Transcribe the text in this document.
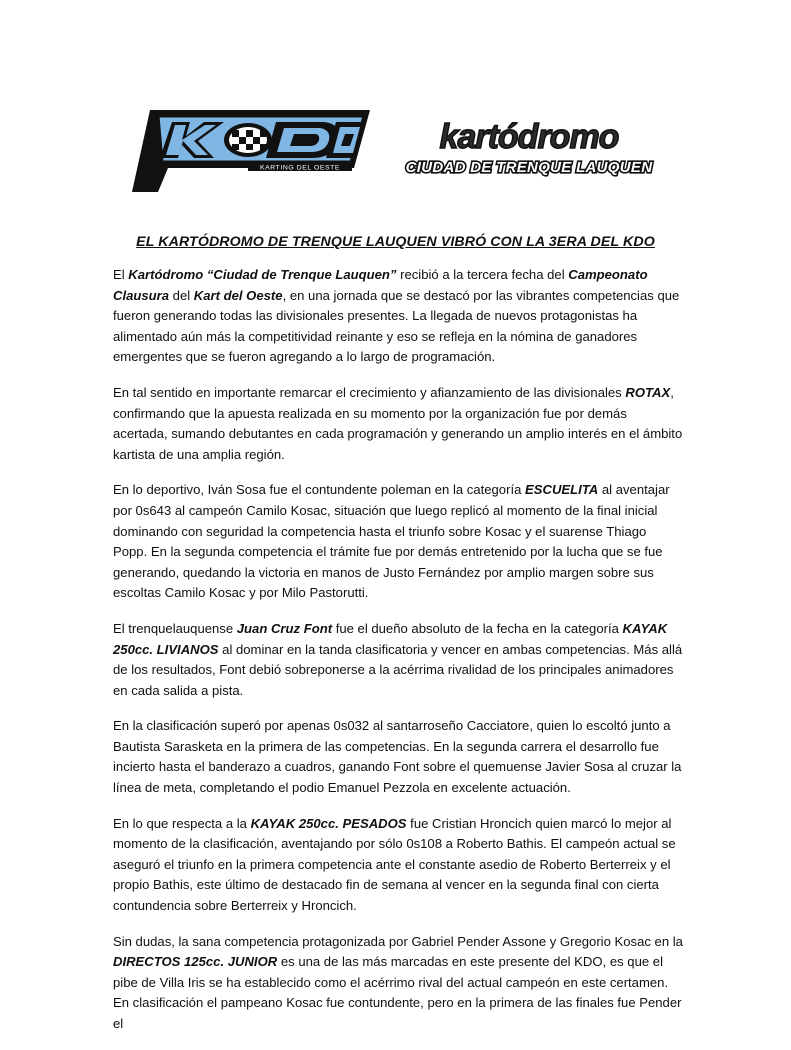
KARTING DEL OESTE
kartódromo
CIUDAD DE TRENQUE LAUQUEN
EL KARTÓDROMO DE TRENQUE LAUQUEN VIBRÓ CON LA 3ERA DEL KDO

El Kartódromo “Ciudad de Trenque Lauquen” recibió a la tercera fecha del Campeonato Clausura del Kart del Oeste, en una jornada que se destacó por las vibrantes competencias que fueron generando todas las divisionales presentes. La llegada de nuevos protagonistas ha alimentado aún más la competitividad reinante y eso se refleja en la nómina de ganadores emergentes que se fueron agregando a lo largo de programación.

En tal sentido en importante remarcar el crecimiento y afianzamiento de las divisionales ROTAX, confirmando que la apuesta realizada en su momento por la organización fue por demás acertada, sumando debutantes en cada programación y generando un amplio interés en el ámbito kartista de una amplia región.

En lo deportivo, Iván Sosa fue el contundente poleman en la categoría ESCUELITA al aventajar por 0s643 al campeón Camilo Kosac, situación que luego replicó al momento de la final inicial dominando con seguridad la competencia hasta el triunfo sobre Kosac y el suarense Thiago Popp. En la segunda competencia el trámite fue por demás entretenido por la lucha que se fue generando, quedando la victoria en manos de Justo Fernández por amplio margen sobre sus escoltas Camilo Kosac y por Milo Pastorutti.

El trenquelauquense Juan Cruz Font fue el dueño absoluto de la fecha en la categoría KAYAK 250cc. LIVIANOS al dominar en la tanda clasificatoria y vencer en ambas competencias. Más allá de los resultados, Font debió sobreponerse a la acérrima rivalidad de los principales animadores en cada salida a pista.

En la clasificación superó por apenas 0s032 al santarroseño Cacciatore, quien lo escoltó junto a Bautista Sarasketa en la primera de las competencias. En la segunda carrera el desarrollo fue incierto hasta el banderazo a cuadros, ganando Font sobre el quemuense Javier Sosa al cruzar la línea de meta, completando el podio Emanuel Pezzola en excelente actuación.

En lo que respecta a la KAYAK 250cc. PESADOS fue Cristian Hroncich quien marcó lo mejor al momento de la clasificación, aventajando por sólo 0s108 a Roberto Bathis. El campeón actual se aseguró el triunfo en la primera competencia ante el constante asedio de Roberto Berterreix y el propio Bathis, este último de destacado fin de semana al vencer en la segunda final con cierta contundencia sobre Berterreix y Hroncich.

Sin dudas, la sana competencia protagonizada por Gabriel Pender Assone y Gregorio Kosac en la DIRECTOS 125cc. JUNIOR es una de las más marcadas en este presente del KDO, es que el pibe de Villa Iris se ha establecido como el acérrimo rival del actual campeón en este certamen. En clasificación el pampeano Kosac fue contundente, pero en la primera de las finales fue Pender el
